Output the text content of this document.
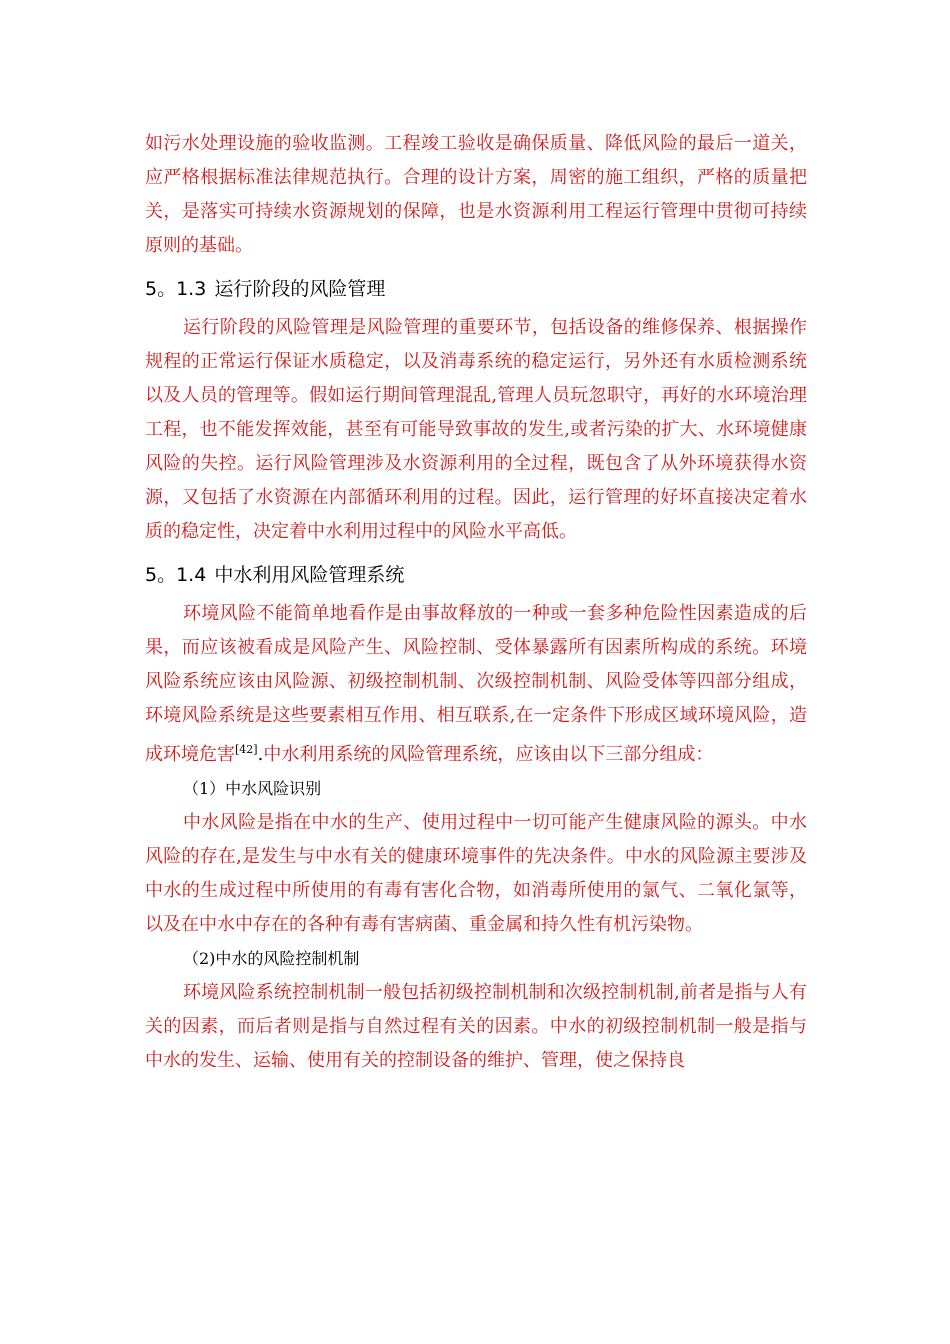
如污水处理设施的验收监测。工程竣工验收是确保质量、降低风险的最后一道关，应严格根据标准法律规范执行。合理的设计方案，周密的施工组织，严格的质量把关，是落实可持续水资源规划的保障，也是水资源利用工程运行管理中贯彻可持续原则的基础。

5。1.3 运行阶段的风险管理

运行阶段的风险管理是风险管理的重要环节，包括设备的维修保养、根据操作规程的正常运行保证水质稳定，以及消毒系统的稳定运行，另外还有水质检测系统以及人员的管理等。假如运行期间管理混乱,管理人员玩忽职守，再好的水环境治理工程，也不能发挥效能，甚至有可能导致事故的发生,或者污染的扩大、水环境健康风险的失控。运行风险管理涉及水资源利用的全过程，既包含了从外环境获得水资源，又包括了水资源在内部循环利用的过程。因此，运行管理的好坏直接决定着水质的稳定性，决定着中水利用过程中的风险水平高低。

5。1.4 中水利用风险管理系统

环境风险不能简单地看作是由事故释放的一种或一套多种危险性因素造成的后果，而应该被看成是风险产生、风险控制、受体暴露所有因素所构成的系统。环境风险系统应该由风险源、初级控制机制、次级控制机制、风险受体等四部分组成，环境风险系统是这些要素相互作用、相互联系,在一定条件下形成区域环境风险，造成环境危害[42].中水利用系统的风险管理系统，应该由以下三部分组成：

（1）中水风险识别

中水风险是指在中水的生产、使用过程中一切可能产生健康风险的源头。中水风险的存在,是发生与中水有关的健康环境事件的先决条件。中水的风险源主要涉及中水的生成过程中所使用的有毒有害化合物，如消毒所使用的氯气、二氧化氯等，以及在中水中存在的各种有毒有害病菌、重金属和持久性有机污染物。

（2)中水的风险控制机制

环境风险系统控制机制一般包括初级控制机制和次级控制机制,前者是指与人有关的因素，而后者则是指与自然过程有关的因素。中水的初级控制机制一般是指与中水的发生、运输、使用有关的控制设备的维护、管理，使之保持良
